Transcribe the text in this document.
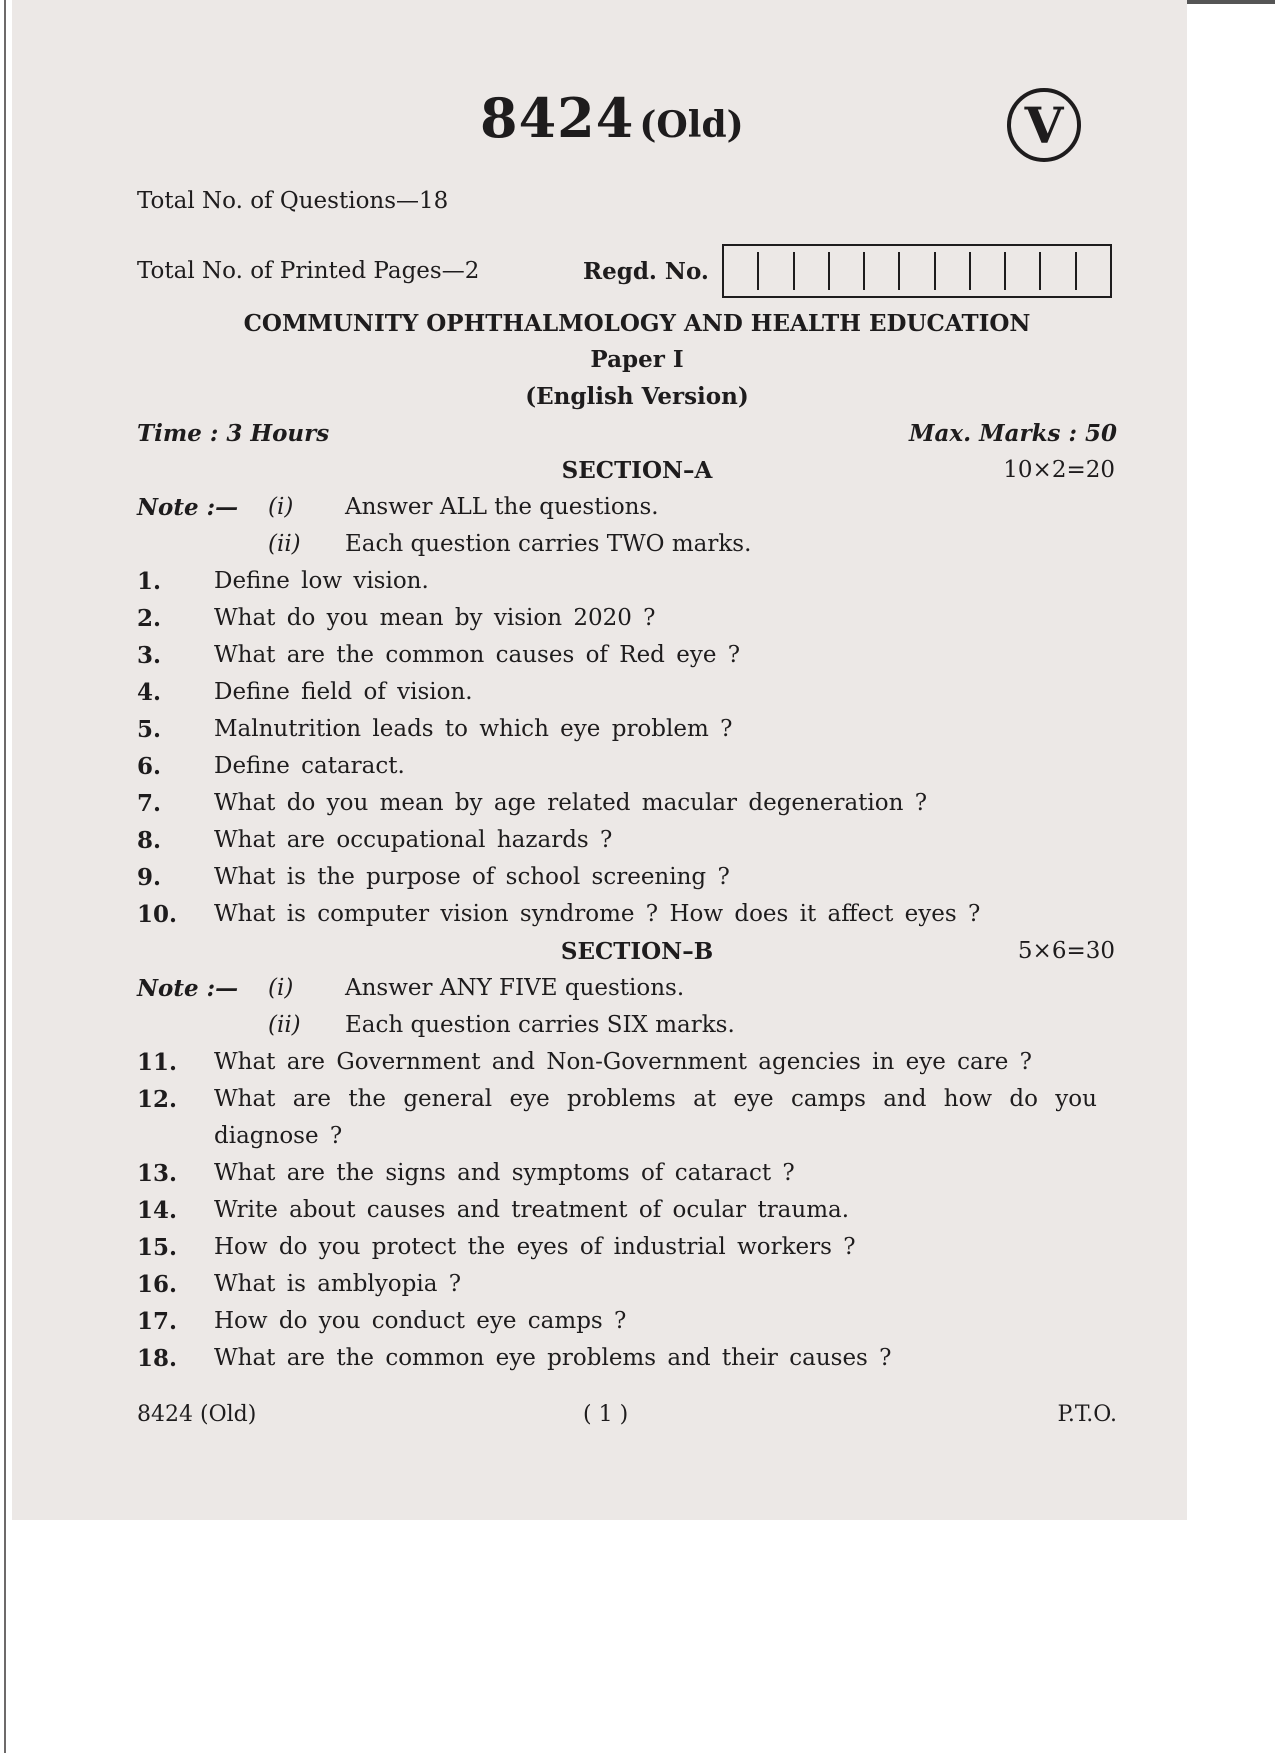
8424 (Old)	V
Total No. of Questions—18
Total No. of Printed Pages—2	Regd. No.
COMMUNITY OPHTHALMOLOGY AND HEALTH EDUCATION
Paper I
(English Version)
Time : 3 Hours	Max. Marks : 50
SECTION–A	10×2=20
Note :— (i) Answer ALL the questions.
(ii) Each question carries TWO marks.
1. Define low vision.
2. What do you mean by vision 2020 ?
3. What are the common causes of Red eye ?
4. Define field of vision.
5. Malnutrition leads to which eye problem ?
6. Define cataract.
7. What do you mean by age related macular degeneration ?
8. What are occupational hazards ?
9. What is the purpose of school screening ?
10. What is computer vision syndrome ? How does it affect eyes ?
SECTION–B	5×6=30
Note :— (i) Answer ANY FIVE questions.
(ii) Each question carries SIX marks.
11. What are Government and Non-Government agencies in eye care ?
12. What are the general eye problems at eye camps and how do you
diagnose ?
13. What are the signs and symptoms of cataract ?
14. Write about causes and treatment of ocular trauma.
15. How do you protect the eyes of industrial workers ?
16. What is amblyopia ?
17. How do you conduct eye camps ?
18. What are the common eye problems and their causes ?
8424 (Old)	( 1 )	P.T.O.
